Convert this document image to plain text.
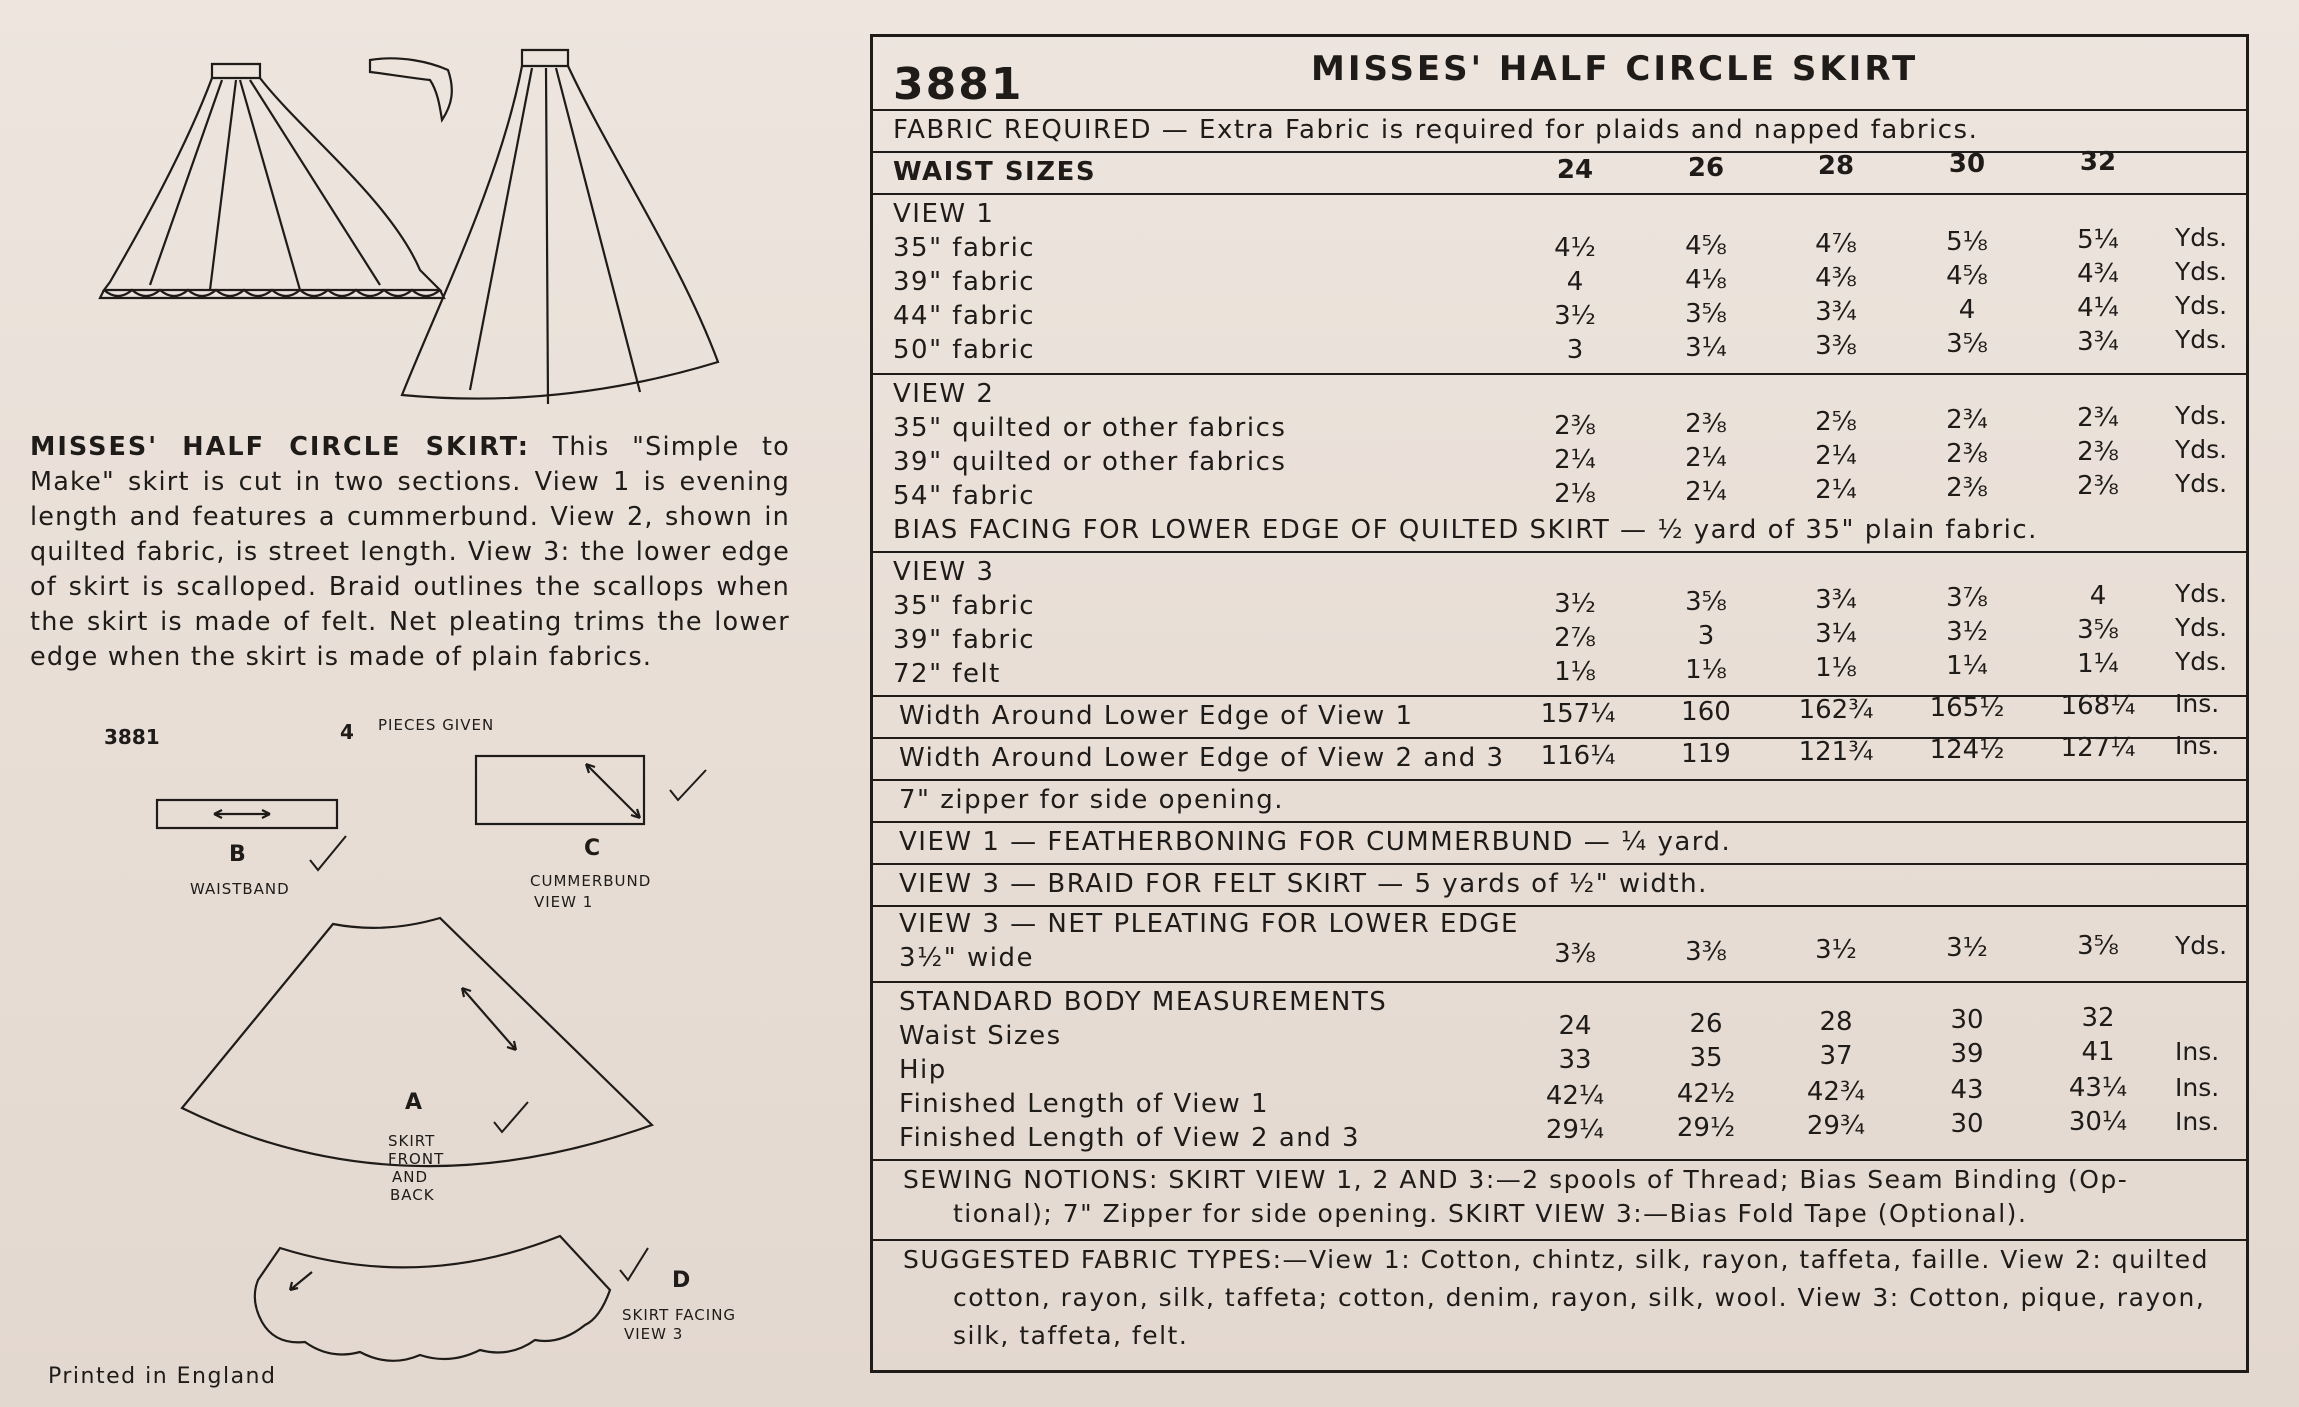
MISSES' HALF CIRCLE SKIRT: This "Simple to Make" skirt is cut in two sections. View 1 is evening length and features a cummerbund. View 2, shown in quilted fabric, is street length. View 3: the lower edge of skirt is scalloped. Braid outlines the scallops when the skirt is made of felt. Net pleating trims the lower edge when the skirt is made of plain fabrics.
3881	4 PIECES GIVEN
B
WAISTBAND
C
CUMMERBUND
VIEW 1
A
SKIRT
FRONT
AND
BACK
D
SKIRT FACING
VIEW 3
Printed in England
3881	MISSES' HALF CIRCLE SKIRT
FABRIC REQUIRED — Extra Fabric is required for plaids and napped fabrics.
WAIST SIZES	24	26	28	30	32
VIEW 1
35" fabric	4½	4⅝	4⅞	5⅛	5¼	Yds.
39" fabric	4	4⅛	4⅜	4⅝	4¾	Yds.
44" fabric	3½	3⅝	3¾	4	4¼	Yds.
50" fabric	3	3¼	3⅜	3⅝	3¾	Yds.
VIEW 2
35" quilted or other fabrics	2⅜	2⅜	2⅝	2¾	2¾	Yds.
39" quilted or other fabrics	2¼	2¼	2¼	2⅜	2⅜	Yds.
54" fabric	2⅛	2¼	2¼	2⅜	2⅜	Yds.
BIAS FACING FOR LOWER EDGE OF QUILTED SKIRT — ½ yard of 35" plain fabric.
VIEW 3
35" fabric	3½	3⅝	3¾	3⅞	4	Yds.
39" fabric	2⅞	3	3¼	3½	3⅝	Yds.
72" felt	1⅛	1⅛	1⅛	1¼	1¼	Yds.
Width Around Lower Edge of View 1	157¼	160	162¾	165½	168¼	Ins.
Width Around Lower Edge of View 2 and 3	116¼	119	121¾	124½	127¼	Ins.
7" zipper for side opening.
VIEW 1 — FEATHERBONING FOR CUMMERBUND — ¼ yard.
VIEW 3 — BRAID FOR FELT SKIRT — 5 yards of ½" width.
VIEW 3 — NET PLEATING FOR LOWER EDGE
3½" wide	3⅜	3⅜	3½	3½	3⅝	Yds.
STANDARD BODY MEASUREMENTS
Waist Sizes	24	26	28	30	32
Hip	33	35	37	39	41	Ins.
Finished Length of View 1	42¼	42½	42¾	43	43¼	Ins.
Finished Length of View 2 and 3	29¼	29½	29¾	30	30¼	Ins.
SEWING NOTIONS: SKIRT VIEW 1, 2 AND 3:—2 spools of Thread; Bias Seam Binding (Op-
tional); 7" Zipper for side opening. SKIRT VIEW 3:—Bias Fold Tape (Optional).
SUGGESTED FABRIC TYPES:—View 1: Cotton, chintz, silk, rayon, taffeta, faille. View 2: quilted
cotton, rayon, silk, taffeta; cotton, denim, rayon, silk, wool. View 3: Cotton, pique, rayon,
silk, taffeta, felt.
